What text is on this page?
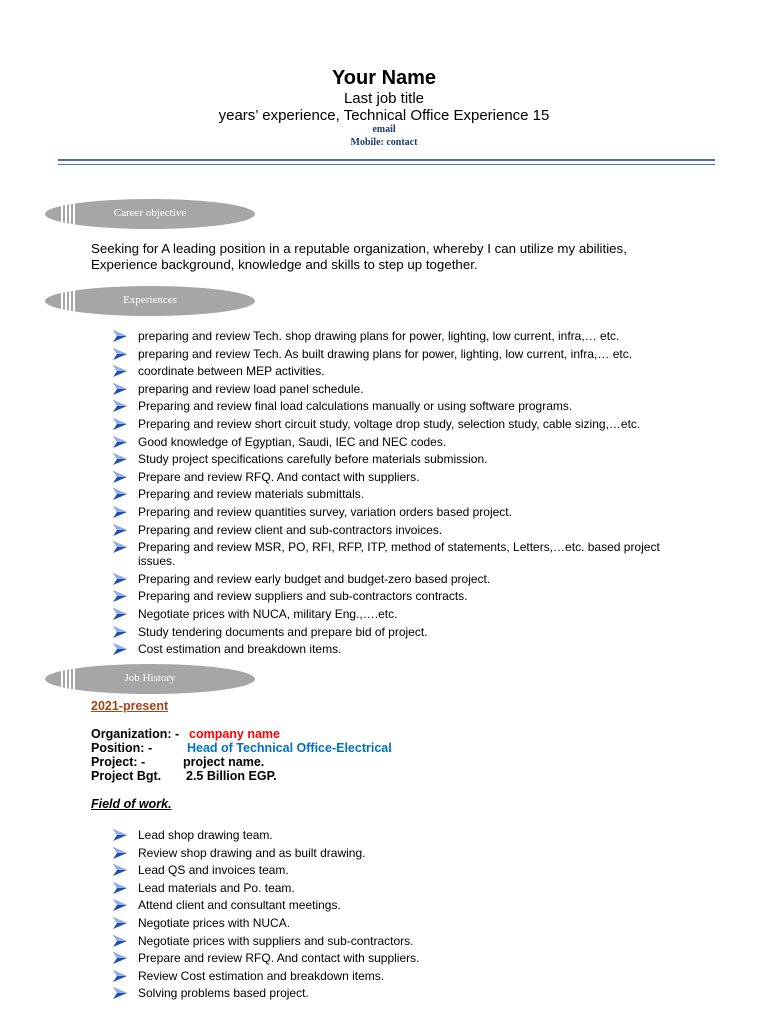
Your Name
Last job title
years’ experience, Technical Office Experience 15
email
Mobile: contact
Career objective
Seeking for A leading position in a reputable organization, whereby I can utilize my abilities, Experience background, knowledge and skills to step up together.
Experiences
preparing and review Tech. shop drawing plans for power, lighting, low current, infra,… etc.
preparing and review Tech. As built drawing plans for power, lighting, low current, infra,… etc.
coordinate between MEP activities.
preparing and review load panel schedule.
Preparing and review final load calculations manually or using software programs.
Preparing and review short circuit study, voltage drop study, selection study, cable sizing,…etc.
Good knowledge of Egyptian, Saudi, IEC and NEC codes.
Study project specifications carefully before materials submission.
Prepare and review RFQ. And contact with suppliers.
Preparing and review materials submittals.
Preparing and review quantities survey, variation orders based project.
Preparing and review client and sub-contractors invoices.
Preparing and review MSR, PO, RFI, RFP, ITP, method of statements, Letters,…etc. based project issues.
Preparing and review early budget and budget-zero based project.
Preparing and review suppliers and sub-contractors contracts.
Negotiate prices with NUCA, military Eng.,….etc.
Study tendering documents and prepare bid of project.
Cost estimation and breakdown items.
Job History
2021-present
Organization: - company name
Position: -	Head of Technical Office-Electrical
Project: -	project name.
Project Bgt. 2.5 Billion EGP.
Field of work.
Lead shop drawing team.
Review shop drawing and as built drawing.
Lead QS and invoices team.
Lead materials and Po. team.
Attend client and consultant meetings.
Negotiate prices with NUCA.
Negotiate prices with suppliers and sub-contractors.
Prepare and review RFQ. And contact with suppliers.
Review Cost estimation and breakdown items.
Solving problems based project.
